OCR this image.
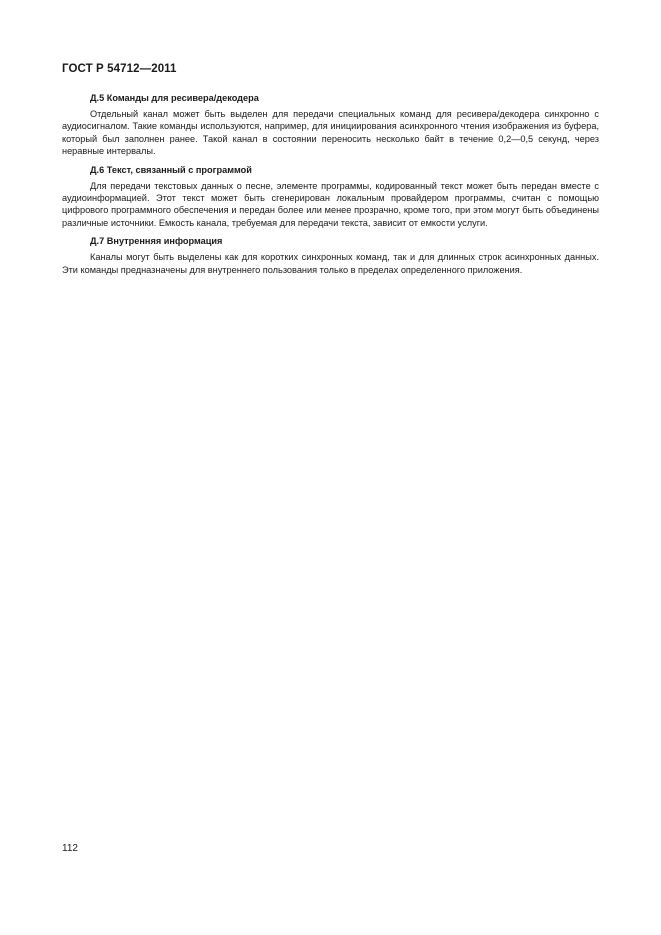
ГОСТ Р 54712—2011

Д.5 Команды для ресивера/декодера

Отдельный канал может быть выделен для передачи специальных команд для ресивера/декодера синхронно с аудиосигналом. Такие команды используются, например, для инициирования асинхронного чтения изображения из буфера, который был заполнен ранее. Такой канал в состоянии переносить несколько байт в течение 0,2—0,5 секунд, через неравные интервалы.

Д.6 Текст, связанный с программой

Для передачи текстовых данных о песне, элементе программы, кодированный текст может быть передан вместе с аудиоинформацией. Этот текст может быть сгенерирован локальным провайдером программы, считан с помощью цифрового программного обеспечения и передан более или менее прозрачно, кроме того, при этом могут быть объединены различные источники. Емкость канала, требуемая для передачи текста, зависит от емкости услуги.

Д.7 Внутренняя информация

Каналы могут быть выделены как для коротких синхронных команд, так и для длинных строк асинхронных данных. Эти команды предназначены для внутреннего пользования только в пределах определенного приложения.

112
